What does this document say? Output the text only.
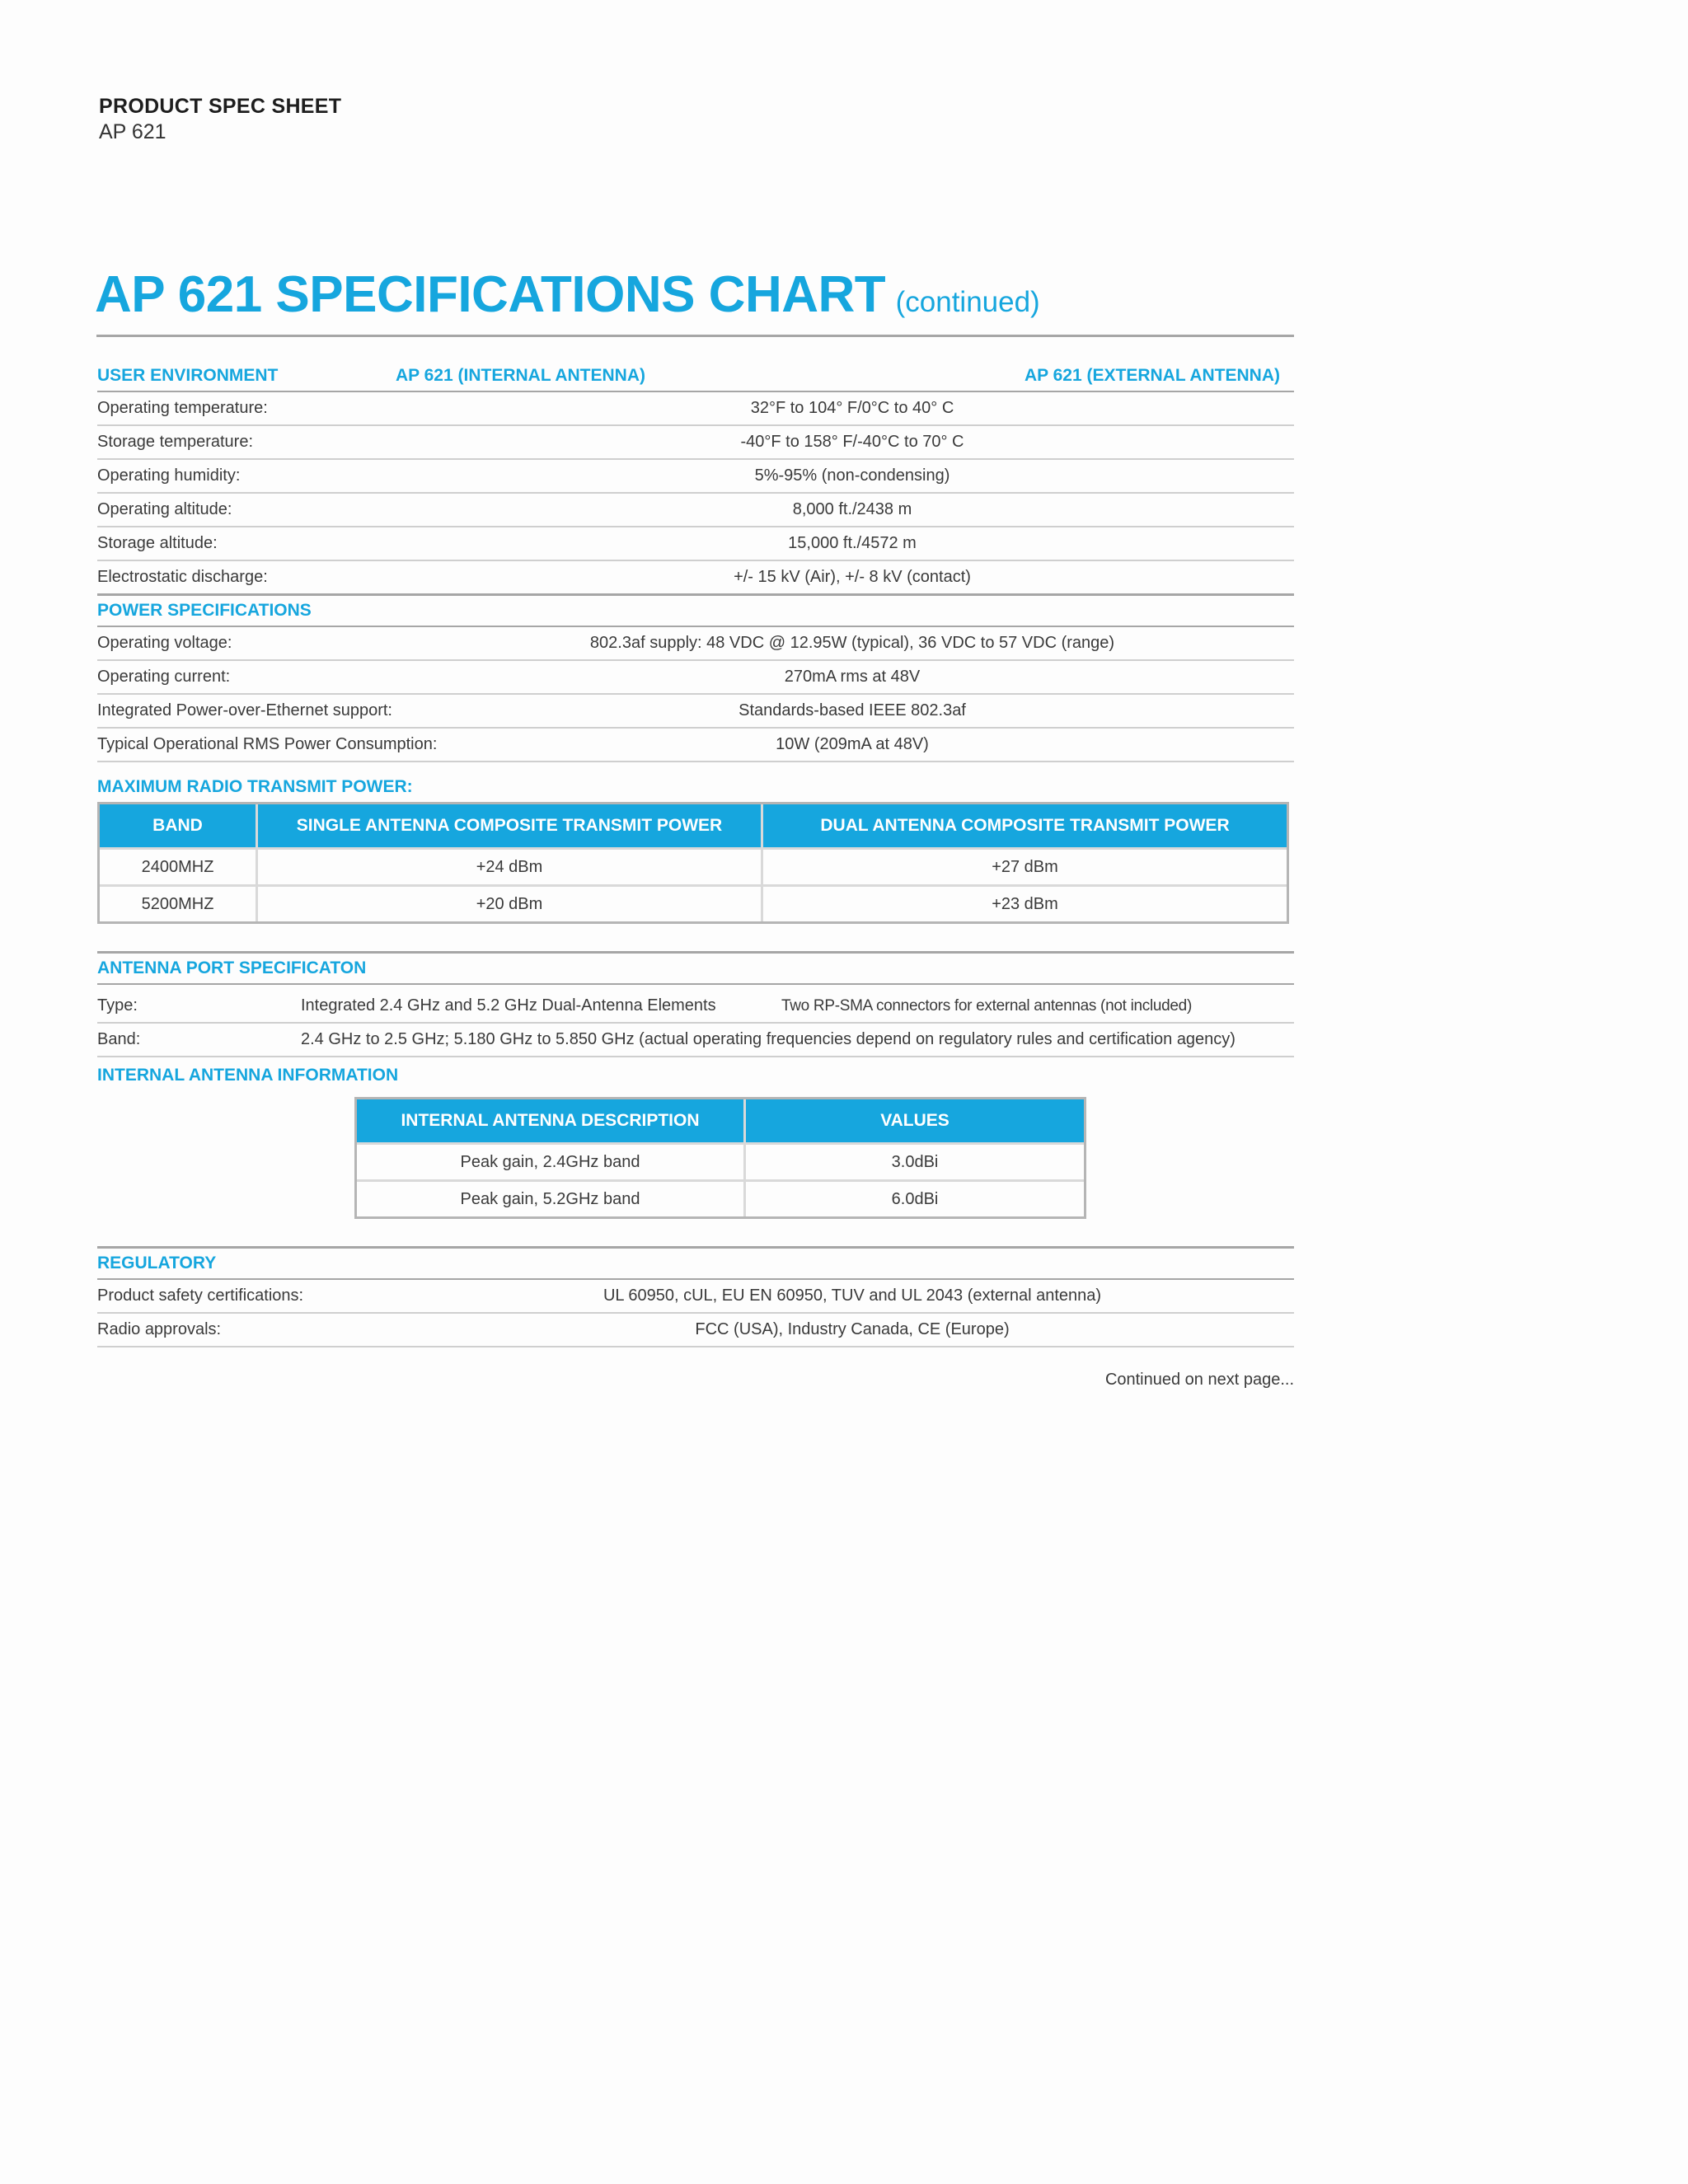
PRODUCT SPEC SHEET
AP 621
AP 621 SPECIFICATIONS CHART (continued)
USER ENVIRONMENT	AP 621 (INTERNAL ANTENNA)	AP 621 (EXTERNAL ANTENNA)
Operating temperature:	32°F to 104° F/0°C to 40° C
Storage temperature:	-40°F to 158° F/-40°C to 70° C
Operating humidity:	5%-95% (non-condensing)
Operating altitude:	8,000 ft./2438 m
Storage altitude:	15,000 ft./4572 m
Electrostatic discharge:	+/- 15 kV (Air), +/- 8 kV (contact)
POWER SPECIFICATIONS
Operating voltage:	802.3af supply: 48 VDC @ 12.95W (typical), 36 VDC to 57 VDC (range)
Operating current:	270mA rms at 48V
Integrated Power-over-Ethernet support:	Standards-based IEEE 802.3af
Typical Operational RMS Power Consumption:	10W (209mA at 48V)
MAXIMUM RADIO TRANSMIT POWER:
BAND	SINGLE ANTENNA COMPOSITE TRANSMIT POWER	DUAL ANTENNA COMPOSITE TRANSMIT POWER
2400MHZ	+24 dBm	+27 dBm
5200MHZ	+20 dBm	+23 dBm
ANTENNA PORT SPECIFICATON
Type:	Integrated 2.4 GHz and 5.2 GHz Dual-Antenna Elements	Two RP-SMA connectors for external antennas (not included)
Band:	2.4 GHz to 2.5 GHz; 5.180 GHz to 5.850 GHz (actual operating frequencies depend on regulatory rules and certification agency)
INTERNAL ANTENNA INFORMATION
INTERNAL ANTENNA DESCRIPTION	VALUES
Peak gain, 2.4GHz band	3.0dBi
Peak gain, 5.2GHz band	6.0dBi
REGULATORY
Product safety certifications:	UL 60950, cUL, EU EN 60950, TUV and UL 2043 (external antenna)
Radio approvals:	FCC (USA), Industry Canada, CE (Europe)
Continued on next page...
